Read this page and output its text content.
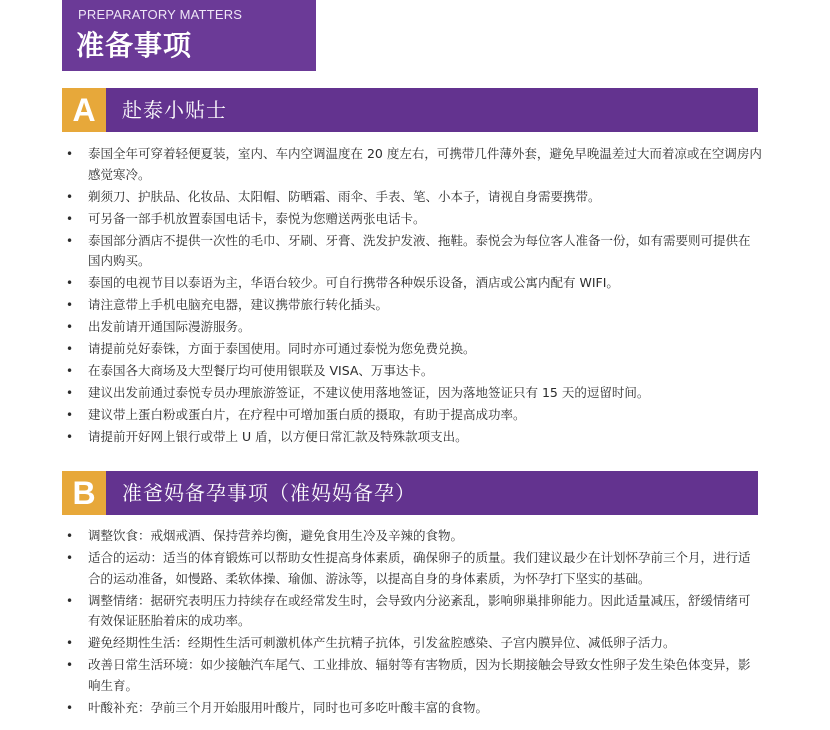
PREPARATORY MATTERS
准备事项
A	赴泰小贴士
• 泰国全年可穿着轻便夏装，室内、车内空调温度在 20 度左右，可携带几件薄外套，避免早晚温差过大而着凉或在空调房内感觉寒冷。
• 剃须刀、护肤品、化妆品、太阳帽、防晒霜、雨伞、手表、笔、小本子，请视自身需要携带。
• 可另备一部手机放置泰国电话卡，泰悦为您赠送两张电话卡。
• 泰国部分酒店不提供一次性的毛巾、牙刷、牙膏、洗发护发液、拖鞋。泰悦会为每位客人准备一份，如有需要则可提供在国内购买。
• 泰国的电视节目以泰语为主，华语台较少。可自行携带各种娱乐设备，酒店或公寓内配有 WIFI。
• 请注意带上手机电脑充电器，建议携带旅行转化插头。
• 出发前请开通国际漫游服务。
• 请提前兑好泰铢，方面于泰国使用。同时亦可通过泰悦为您免费兑换。
• 在泰国各大商场及大型餐厅均可使用银联及 VISA、万事达卡。
• 建议出发前通过泰悦专员办理旅游签证，不建议使用落地签证，因为落地签证只有 15 天的逗留时间。
• 建议带上蛋白粉或蛋白片，在疗程中可增加蛋白质的摄取，有助于提高成功率。
• 请提前开好网上银行或带上 U 盾，以方便日常汇款及特殊款项支出。
B	准爸妈备孕事项（准妈妈备孕）
• 调整饮食：戒烟戒酒、保持营养均衡，避免食用生冷及辛辣的食物。
• 适合的运动：适当的体育锻炼可以帮助女性提高身体素质，确保卵子的质量。我们建议最少在计划怀孕前三个月，进行适合的运动准备，如慢路、柔软体操、瑜伽、游泳等，以提高自身的身体素质，为怀孕打下坚实的基础。
• 调整情绪：据研究表明压力持续存在或经常发生时，会导致内分泌紊乱，影响卵巢排卵能力。因此适量减压，舒缓情绪可有效保证胚胎着床的成功率。
• 避免经期性生活：经期性生活可刺激机体产生抗精子抗体，引发盆腔感染、子宫内膜异位、减低卵子活力。
• 改善日常生活环境：如少接触汽车尾气、工业排放、辐射等有害物质，因为长期接触会导致女性卵子发生染色体变异，影响生育。
• 叶酸补充：孕前三个月开始服用叶酸片，同时也可多吃叶酸丰富的食物。
